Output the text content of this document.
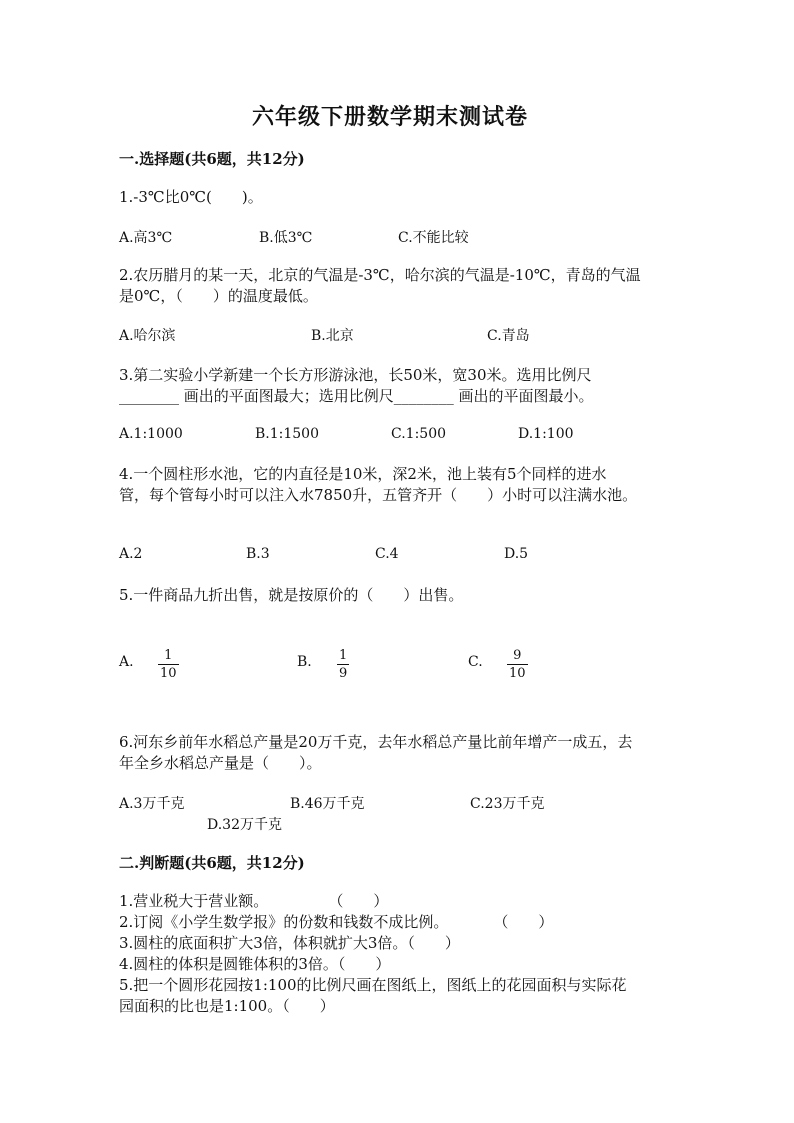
六年级下册数学期末测试卷
一.选择题(共6题，共12分)
1.-3℃比0℃(　　)。
A.高3℃	B.低3℃	C.不能比较
2.农历腊月的某一天，北京的气温是-3℃，哈尔滨的气温是-10℃，青岛的气温
是0℃，（　　）的温度最低。
A.哈尔滨	B.北京	C.青岛
3.第二实验小学新建一个长方形游泳池，长50米，宽30米。选用比例尺
________ 画出的平面图最大；选用比例尺________ 画出的平面图最小。
A.1:1000	B.1:1500	C.1:500	D.1:100
4.一个圆柱形水池，它的内直径是10米，深2米，池上装有5个同样的进水
管，每个管每小时可以注入水7850升，五管齐开（　　）小时可以注满水池。
A.2	B.3	C.4	D.5
5.一件商品九折出售，就是按原价的（　　）出售。
A. 1
10
B. 1
9
C. 9
10
6.河东乡前年水稻总产量是20万千克，去年水稻总产量比前年增产一成五，去
年全乡水稻总产量是（　　）。
A.3万千克	B.46万千克	C.23万千克
D.32万千克
二.判断题(共6题，共12分)
1.营业税大于营业额。　　　　　（　　）
2.订阅《小学生数学报》的份数和钱数不成比例。　　　　（　　）
3.圆柱的底面积扩大3倍，体积就扩大3倍。（　　）
4.圆柱的体积是圆锥体积的3倍。（　　）
5.把一个圆形花园按1:100的比例尺画在图纸上，图纸上的花园面积与实际花
园面积的比也是1:100。（　　）
